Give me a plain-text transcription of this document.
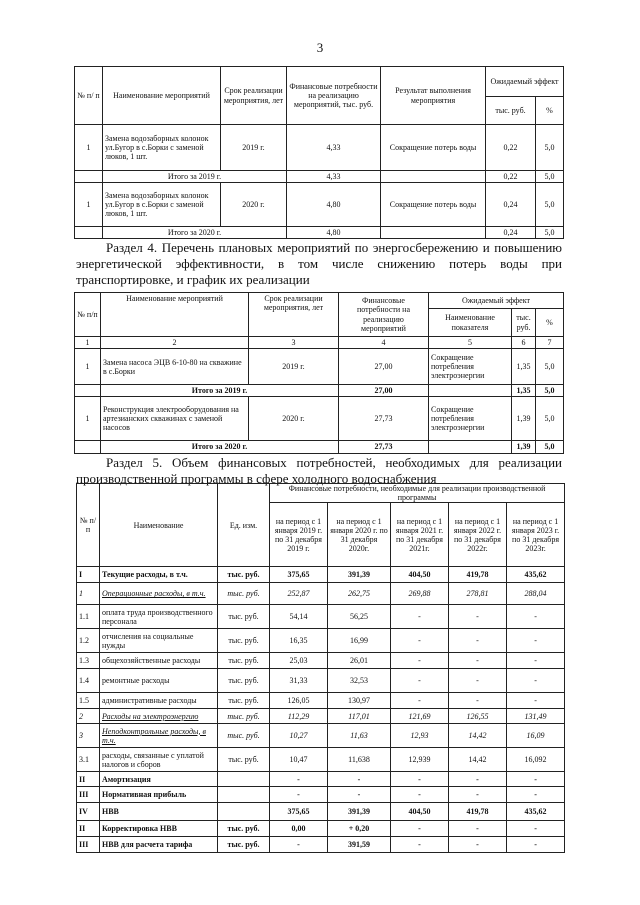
3
№ п/ п	Наименование мероприятий	Срок реализации мероприятия, лет	Финансовые потребности на реализацию мероприятий, тыс. руб.	Результат выполнения мероприятия	Ожидаемый эффект	
					тыс. руб.	%
1	Замена водозаборных колонок ул.Бугор в с.Борки с заменой люков, 1 шт.	2019 г.	4,33	Сокращение потерь воды	0,22	5,0
	Итого за 2019 г.		4,33		0,22	5,0
1	Замена водозаборных колонок ул.Бугор в с.Борки с заменой люков, 1 шт.	2020 г.	4,80	Сокращение потерь воды	0,24	5,0
	Итого за 2020 г.		4,80		0,24	5,0
Раздел 4. Перечень плановых мероприятий по энергосбережению и повышению
энергетической эффективности, в том числе снижению потерь воды при
транспортировке, и график их реализации
№ п/п	Наименование мероприятий	Срок реализации мероприятия, лет	Финансовые потребности на реализацию мероприятий	Ожидаемый эффект		
				Наименование показателя	тыс. руб.	%
1	2	3	4	5	6	7
1	Замена насоса ЭЦВ 6-10-80 на скважине в с.Борки	2019 г.	27,00	Сокращение потребления электроэнергии	1,35	5,0
	Итого за 2019 г.		27,00		1,35	5,0
1	Реконструкция электрооборудования на артезианских скважинах с заменой насосов	2020 г.	27,73	Сокращение потребления электроэнергии	1,39	5,0
	Итого за 2020 г.		27,73		1,39	5,0
Раздел 5. Объем финансовых потребностей, необходимых для реализации
производственной программы в сфере холодного водоснабжения
№ п/п	Наименование	Ед. изм.	Финансовые потребности, необходимые для реализации производственной программы				
			на период с 1 января 2019 г. по 31 декабря 2019 г.	на период с 1 января 2020 г. по 31 декабря 2020г.	на период с 1 января 2021 г. по 31 декабря 2021г.	на период с 1 января 2022 г. по 31 декабря 2022г.	на период с 1 января 2023 г. по 31 декабря 2023г.
I	Текущие расходы, в т.ч.	тыс. руб.	375,65	391,39	404,50	419,78	435,62
1	Операционные расходы, в т.ч.	тыс. руб.	252,87	262,75	269,88	278,81	288,04
1.1	оплата труда производственного персонала	тыс. руб.	54,14	56,25	-	-	-
1.2	отчисления на социальные нужды	тыс. руб.	16,35	16,99	-	-	-
1.3	общехозяйственные расходы	тыс. руб.	25,03	26,01	-	-	-
1.4	ремонтные расходы	тыс. руб.	31,33	32,53	-	-	-
1.5	административные расходы	тыс. руб.	126,05	130,97	-	-	-
2	Расходы на электроэнергию	тыс. руб.	112,29	117,01	121,69	126,55	131,49
3	Неподконтрольные расходы, в т.ч.	тыс. руб.	10,27	11,63	12,93	14,42	16,09
3.1	расходы, связанные с уплатой налогов и сборов	тыс. руб.	10,47	11,638	12,939	14,42	16,092
II	Амортизация		-	-	-	-	-
III	Нормативная прибыль		-	-	-	-	-
IV	НВВ		375,65	391,39	404,50	419,78	435,62
II	Корректировка НВВ	тыс. руб.	0,00	+ 0,20	-	-	-
III	НВВ для расчета тарифа	тыс. руб.	-	391,59	-	-	-
